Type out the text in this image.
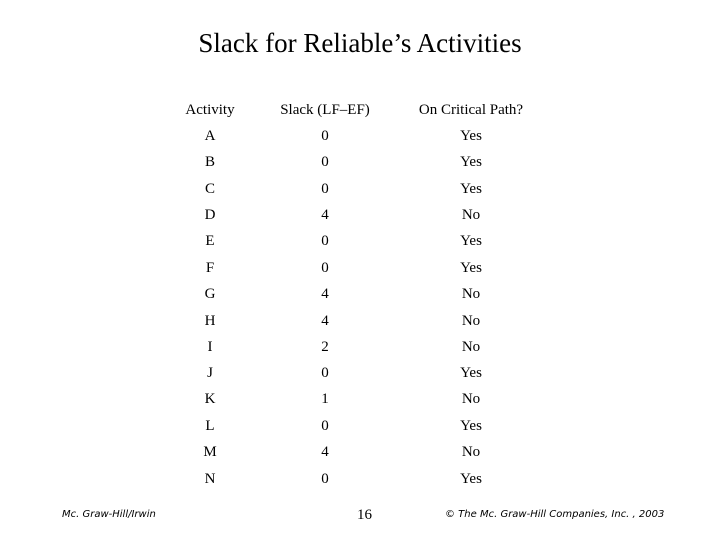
Slack for Reliable’s Activities
Activity	Slack (LF–EF)	On Critical Path?
A	0	Yes
B	0	Yes
C	0	Yes
D	4	No
E	0	Yes
F	0	Yes
G	4	No
H	4	No
I	2	No
J	0	Yes
K	1	No
L	0	Yes
M	4	No
N	0	Yes
Mc. Graw-Hill/Irwin	16	© The Mc. Graw-Hill Companies, Inc. , 2003
